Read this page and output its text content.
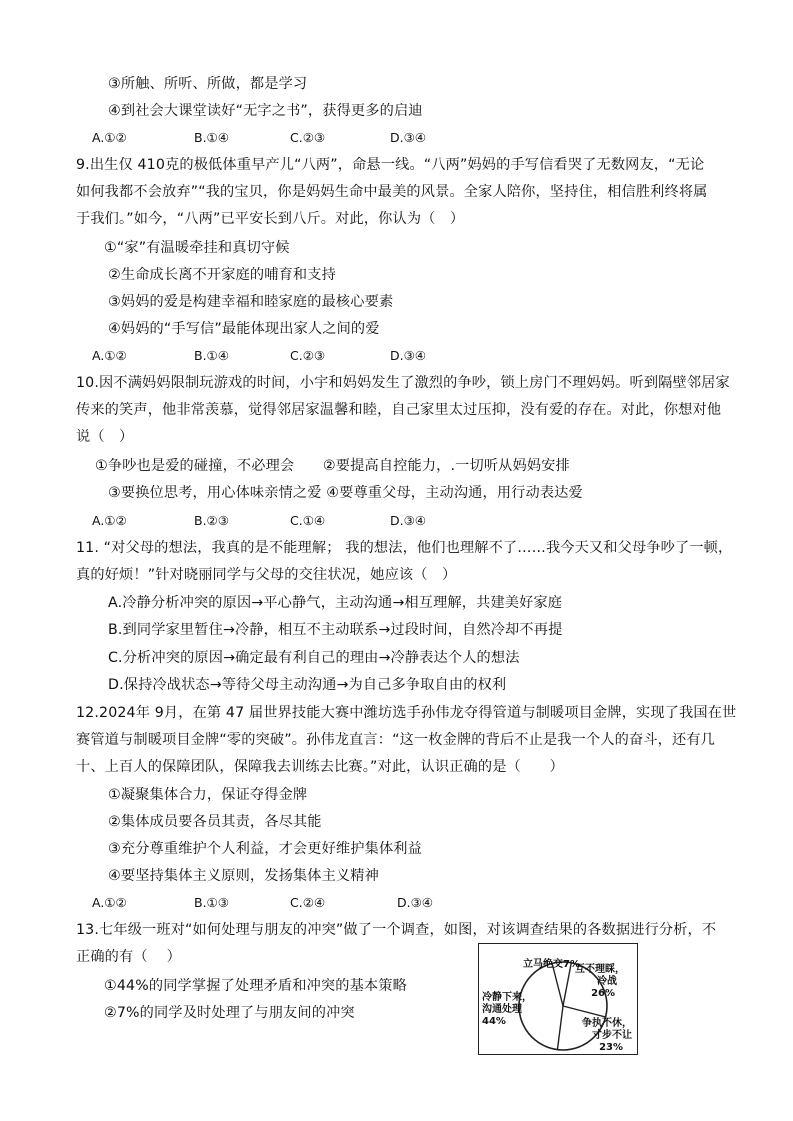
③所触、所听、所做，都是学习
④到社会大课堂读好“无字之书”，获得更多的启迪
A.①②	B.①④	C.②③	D.③④
9.出生仅 410克的极低体重早产儿“八两”，命悬一线。“八两”妈妈的手写信看哭了无数网友，“无论
如何我都不会放弃”“我的宝贝，你是妈妈生命中最美的风景。全家人陪你，坚持住，相信胜利终将属
于我们。”如今，“八两”已平安长到八斤。对此，你认为（　）
①“家”有温暖牵挂和真切守候
②生命成长离不开家庭的哺育和支持
③妈妈的爱是构建幸福和睦家庭的最核心要素
④妈妈的“手写信”最能体现出家人之间的爱
A.①②	B.①④	C.②③	D.③④
10.因不满妈妈限制玩游戏的时间，小宇和妈妈发生了激烈的争吵，锁上房门不理妈妈。听到隔壁邻居家
传来的笑声，他非常羡慕，觉得邻居家温馨和睦，自己家里太过压抑，没有爱的存在。对此，你想对他
说（　）
①争吵也是爱的碰撞，不必理会　　②要提高自控能力，.一切听从妈妈安排
③要换位思考，用心体味亲情之爱 ④要尊重父母，主动沟通，用行动表达爱
A.①②	B.②③	C.①④	D.③④
11. “对父母的想法，我真的是不能理解； 我的想法，他们也理解不了……我今天又和父母争吵了一顿，
真的好烦！”针对晓丽同学与父母的交往状况，她应该（　）
A.冷静分析冲突的原因→平心静气，主动沟通→相互理解，共建美好家庭
B.到同学家里暂住→冷静，相互不主动联系→过段时间，自然冷却不再提
C.分析冲突的原因→确定最有利自己的理由→冷静表达个人的想法
D.保持冷战状态→等待父母主动沟通→为自己多争取自由的权利
12.2024年 9月，在第 47 届世界技能大赛中潍坊选手孙伟龙夺得管道与制暖项目金牌，实现了我国在世
赛管道与制暖项目金牌“零的突破”。孙伟龙直言：“这一枚金牌的背后不止是我一个人的奋斗，还有几
十、上百人的保障团队，保障我去训练去比赛。”对此，认识正确的是（　　）
①凝聚集体合力，保证夺得金牌
②集体成员要各员其责，各尽其能
③充分尊重维护个人利益，才会更好维护集体利益
④要坚持集体主义原则，发扬集体主义精神
A.①②	B.①③	C.②④	D.③④
13.七年级一班对“如何处理与朋友的冲突”做了一个调查，如图，对该调查结果的各数据进行分析，不
正确的有（　 ）
①44%的同学掌握了处理矛盾和冲突的基本策略
②7%的同学及时处理了与朋友间的冲突
立马绝交7%
互不理睬，
冷战
26%
冷静下来，
沟通处理
44%	争执不休，
寸步不让
23%
